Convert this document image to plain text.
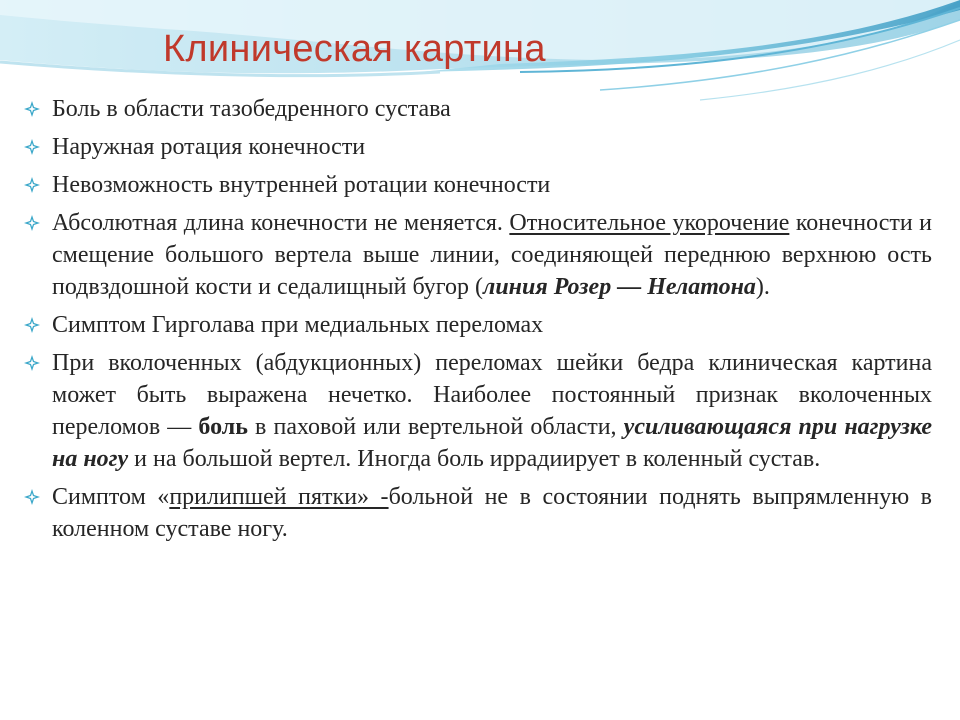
Клиническая картина
Боль в области тазобедренного сустава
Наружная ротация конечности
Невозможность внутренней ротации конечности
Абсолютная длина конечности не меняется. Относительное укорочение конечности и смещение большого вертела выше линии, соединяющей переднюю верхнюю ость подвздошной кости и седалищный бугор (линия Розер — Нелатона).
Симптом Гирголава при медиальных переломах
При вколоченных (абдукционных) переломах шейки бедра клиническая картина может быть выражена нечетко. Наиболее постоянный признак вколоченных переломов — боль в паховой или вертельной области, усиливающаяся при нагрузке на ногу и на большой вертел. Иногда боль иррадиирует в коленный сустав.
Симптом «прилипшей пятки» -больной не в состоянии поднять выпрямленную в коленном суставе ногу.
